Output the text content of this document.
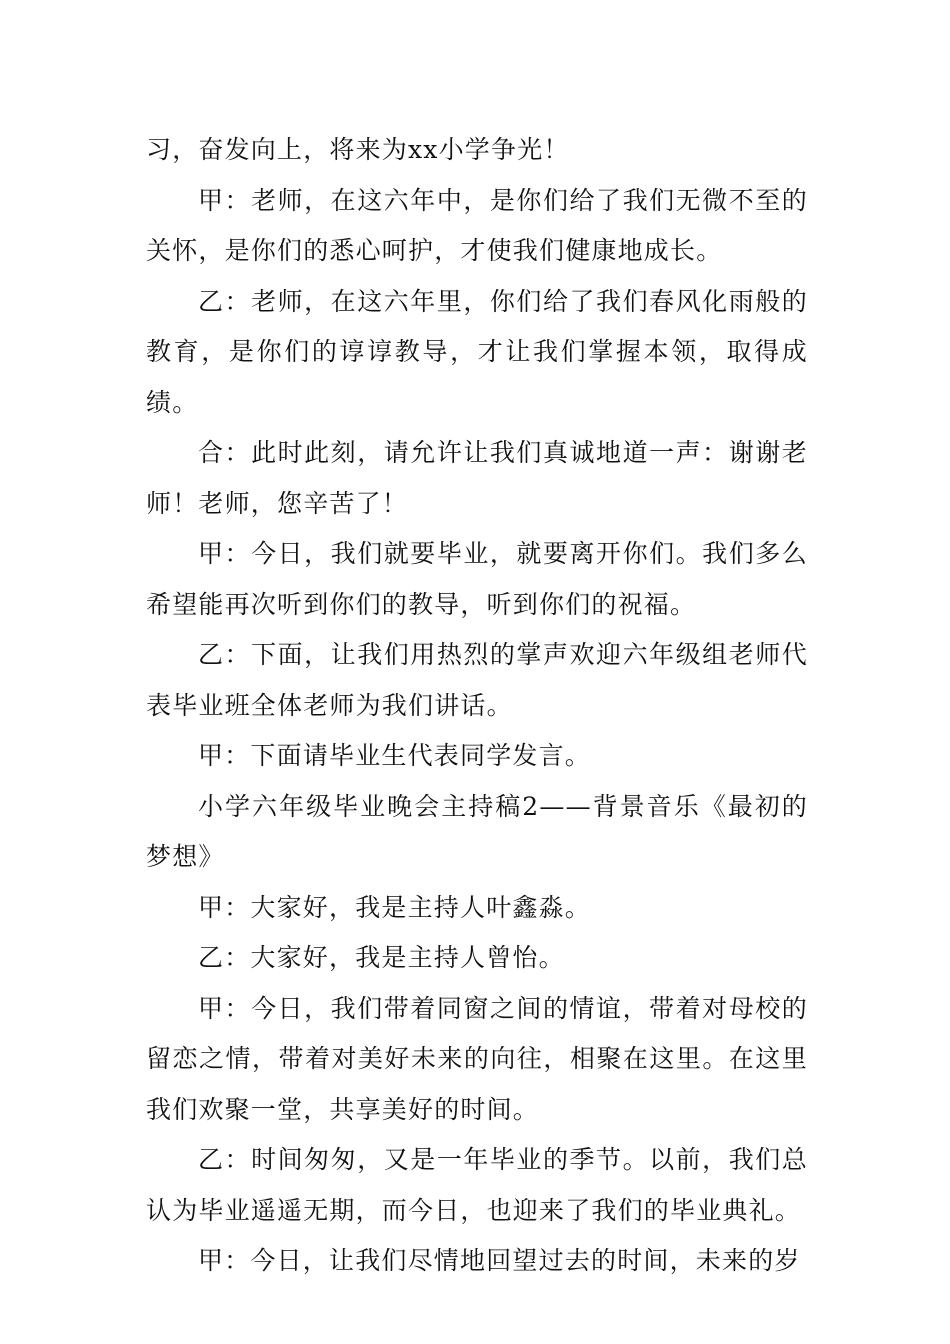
习，奋发向上，将来为xx小学争光！

甲：老师，在这六年中，是你们给了我们无微不至的关怀，是你们的悉心呵护，才使我们健康地成长。

乙：老师，在这六年里，你们给了我们春风化雨般的教育，是你们的谆谆教导，才让我们掌握本领，取得成绩。

合：此时此刻，请允许让我们真诚地道一声：谢谢老师！老师，您辛苦了！

甲：今日，我们就要毕业，就要离开你们。我们多么希望能再次听到你们的教导，听到你们的祝福。

乙：下面，让我们用热烈的掌声欢迎六年级组老师代表毕业班全体老师为我们讲话。

甲：下面请毕业生代表同学发言。

小学六年级毕业晚会主持稿2——背景音乐《最初的梦想》

甲：大家好，我是主持人叶鑫淼。

乙：大家好，我是主持人曾怡。

甲：今日，我们带着同窗之间的情谊，带着对母校的留恋之情，带着对美好未来的向往，相聚在这里。在这里我们欢聚一堂，共享美好的时间。

乙：时间匆匆，又是一年毕业的季节。以前，我们总认为毕业遥遥无期，而今日，也迎来了我们的毕业典礼。

甲：今日，让我们尽情地回望过去的时间，未来的岁
